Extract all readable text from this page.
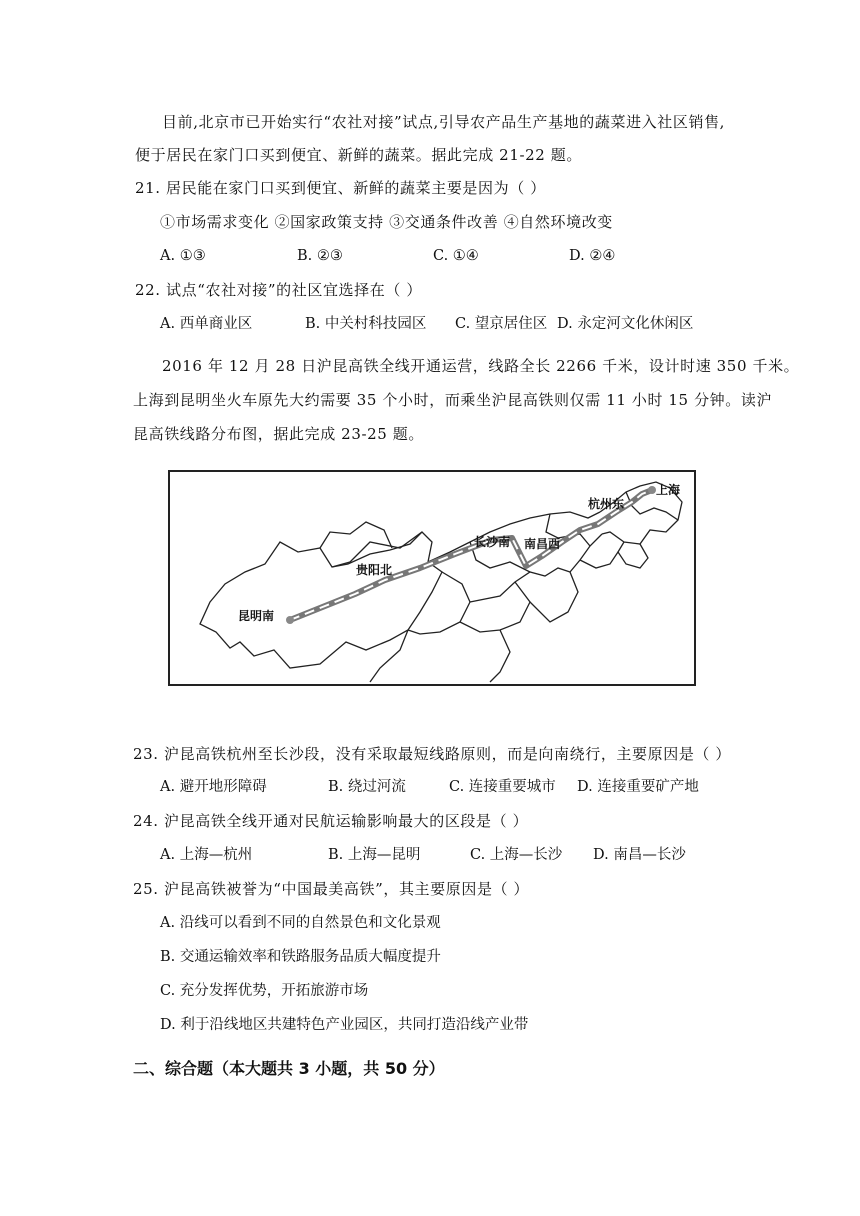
目前,北京市已开始实行“农社对接”试点,引导农产品生产基地的蔬菜进入社区销售,
便于居民在家门口买到便宜、新鲜的蔬菜。据此完成 21-22 题。
21. 居民能在家门口买到便宜、新鲜的蔬菜主要是因为（ ）
①市场需求变化 ②国家政策支持 ③交通条件改善 ④自然环境改变
A. ①③	B. ②③	C. ①④	D. ②④
22. 试点“农社对接”的社区宜选择在（ ）
A. 西单商业区	B. 中关村科技园区 C. 望京居住区 D. 永定河文化休闲区
2016 年 12 月 28 日沪昆高铁全线开通运营，线路全长 2266 千米，设计时速 350 千米。
上海到昆明坐火车原先大约需要 35 个小时，而乘坐沪昆高铁则仅需 11 小时 15 分钟。读沪
昆高铁线路分布图，据此完成 23-25 题。
昆明南
贵阳北
长沙南 南昌西
杭州东
上海
23. 沪昆高铁杭州至长沙段，没有采取最短线路原则，而是向南绕行，主要原因是（ ）
A. 避开地形障碍	B. 绕过河流	C. 连接重要城市 D. 连接重要矿产地
24. 沪昆高铁全线开通对民航运输影响最大的区段是（ ）
A. 上海—杭州	B. 上海—昆明	C. 上海—长沙 D. 南昌—长沙
25. 沪昆高铁被誉为“中国最美高铁”，其主要原因是（ ）
A. 沿线可以看到不同的自然景色和文化景观
B. 交通运输效率和铁路服务品质大幅度提升
C. 充分发挥优势，开拓旅游市场
D. 利于沿线地区共建特色产业园区，共同打造沿线产业带
二、综合题（本大题共 3 小题，共 50 分）
